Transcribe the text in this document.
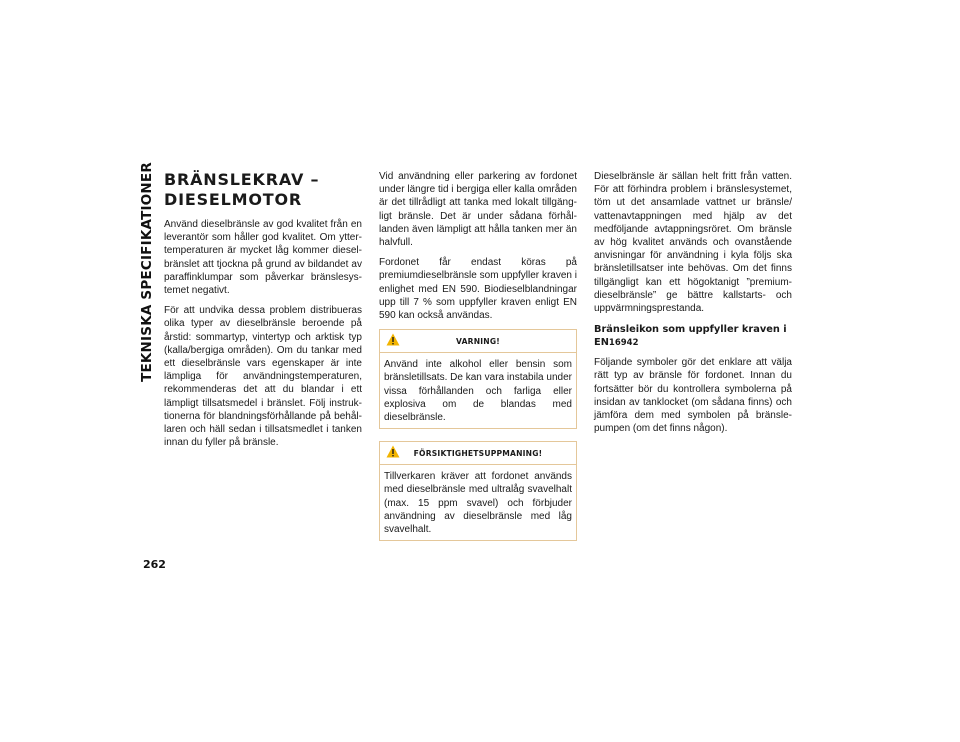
TEKNISKA SPECIFIKATIONER
262
BRÄNSLEKRAV –
DIESELMOTOR

Använd dieselbränsle av god kvalitet från en leverantör som håller god kvalitet. Om yttertemperaturen är mycket låg kommer dieselbränslet att tjockna på grund av bildandet av paraffinklumpar som påverkar bränslesystemet negativt.

För att undvika dessa problem distribueras olika typer av dieselbränsle beroende på årstid: sommartyp, vintertyp och arktisk typ (kalla/bergiga områden). Om du tankar med ett dieselbränsle vars egenskaper är inte lämpliga för användningstemperaturen, rekommenderas det att du blandar i ett lämpligt tillsatsmedel i bränslet. Följ instruktionerna för blandningsförhållande på behållaren och häll sedan i tillsatsmedlet i tanken innan du fyller på bränsle.

Vid användning eller parkering av fordonet under längre tid i bergiga eller kalla områden är det tillrådligt att tanka med lokalt tillgängligt bränsle. Det är under sådana förhållanden även lämpligt att hålla tanken mer än halvfull.

Fordonet får endast köras på premiumdieselbränsle som uppfyller kraven i enlighet med EN 590. Biodieselblandningar upp till 7 % som uppfyller kraven enligt EN 590 kan också användas.

VARNING!

Använd inte alkohol eller bensin som bränsletillsats. De kan vara instabila under vissa förhållanden och farliga eller explosiva om de blandas med dieselbränsle.

FÖRSIKTIGHETSUPPMANING!

Tillverkaren kräver att fordonet används med dieselbränsle med ultralåg svavelhalt (max. 15 ppm svavel) och förbjuder användning av dieselbränsle med låg svavelhalt.

Dieselbränsle är sällan helt fritt från vatten. För att förhindra problem i bränslesystemet, töm ut det ansamlade vattnet ur bränsle/ vattenavtappningen med hjälp av det medföljande avtappningsröret. Om bränsle av hög kvalitet används och ovanstående anvisningar för användning i kyla följs ska bränsletillsatser inte behövas. Om det finns tillgängligt kan ett högoktanigt ”premium-dieselbränsle” ge bättre kallstarts- och uppvärmningsprestanda.

Bränsleikon som uppfyller kraven i EN16942

Följande symboler gör det enklare att välja rätt typ av bränsle för fordonet. Innan du fortsätter bör du kontrollera symbolerna på insidan av tanklocket (om sådana finns) och jämföra dem med symbolen på bränslepumpen (om det finns någon).
